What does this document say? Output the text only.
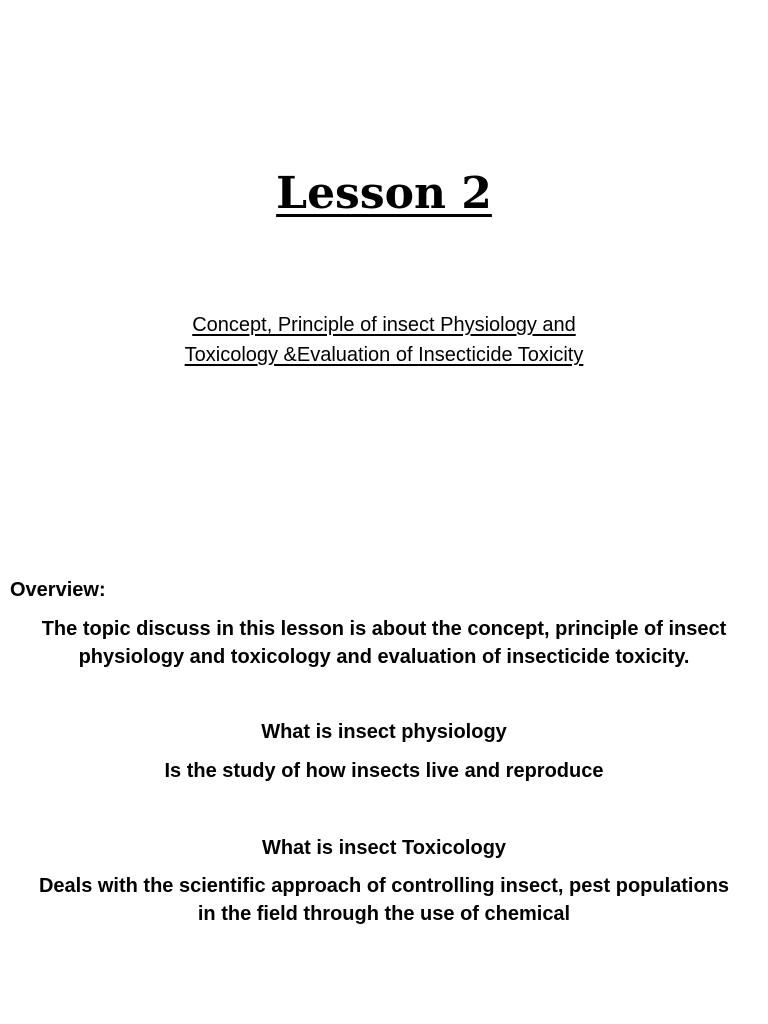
Lesson 2
Concept, Principle of insect Physiology and
Toxicology &Evaluation of Insecticide Toxicity
Overview:
The topic discuss in this lesson is about the concept, principle of insect
physiology and toxicology and evaluation of insecticide toxicity.
What is insect physiology
Is the study of how insects live and reproduce
What is insect Toxicology
Deals with the scientific approach of controlling insect, pest populations
in the field through the use of chemical
